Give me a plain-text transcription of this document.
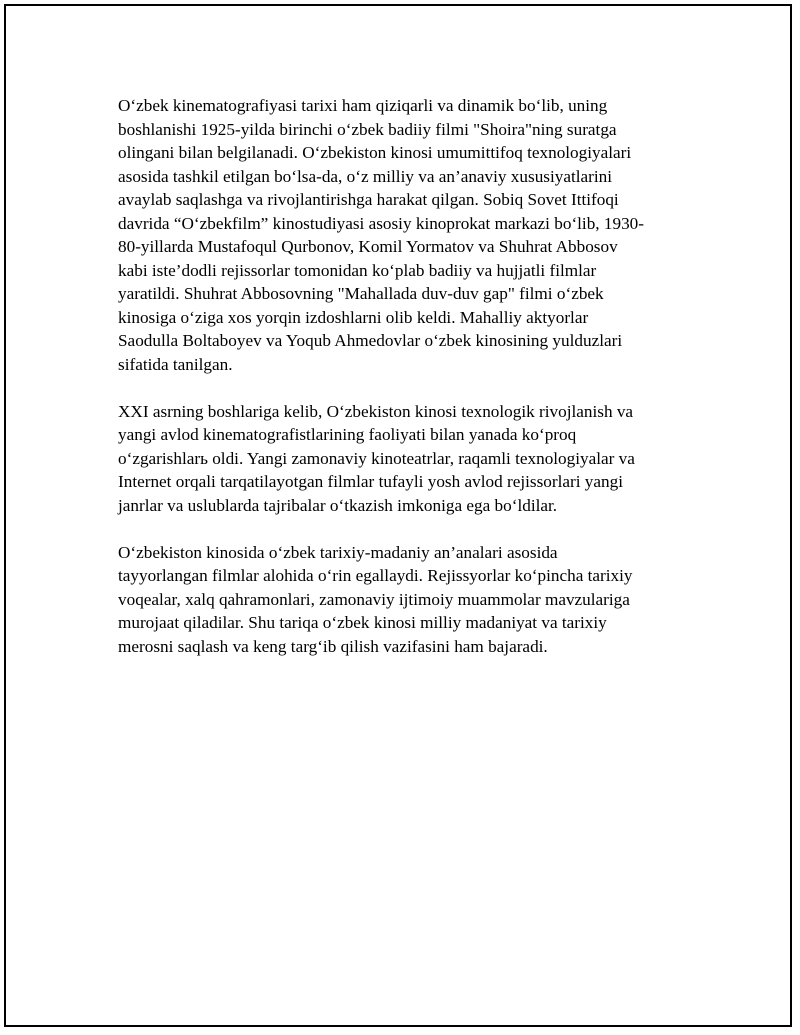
O‘zbek kinematografiyasi tarixi ham qiziqarli va dinamik bo‘lib, uning
boshlanishi 1925-yilda birinchi o‘zbek badiiy filmi "Shoira"ning suratga
olingani bilan belgilanadi. O‘zbekiston kinosi umumittifoq texnologiyalari
asosida tashkil etilgan bo‘lsa-da, o‘z milliy va an’anaviy xususiyatlarini
avaylab saqlashga va rivojlantirishga harakat qilgan. Sobiq Sovet Ittifoqi
davrida “O‘zbekfilm” kinostudiyasi asosiy kinoprokat markazi bo‘lib, 1930-
80-yillarda Mustafoqul Qurbonov, Komil Yormatov va Shuhrat Abbosov
kabi iste’dodli rejissorlar tomonidan ko‘plab badiiy va hujjatli filmlar
yaratildi. Shuhrat Abbosovning "Mahallada duv-duv gap" filmi o‘zbek
kinosiga o‘ziga xos yorqin izdoshlarni olib keldi. Mahalliy aktyorlar
Saodulla Boltaboyev va Yoqub Ahmedovlar o‘zbek kinosining yulduzlari
sifatida tanilgan.

XXI asrning boshlariga kelib, O‘zbekiston kinosi texnologik rivojlanish va
yangi avlod kinematografistlarining faoliyati bilan yanada ko‘proq
o‘zgarishlarь oldi. Yangi zamonaviy kinoteatrlar, raqamli texnologiyalar va
Internet orqali tarqatilayotgan filmlar tufayli yosh avlod rejissorlari yangi
janrlar va uslublarda tajribalar o‘tkazish imkoniga ega bo‘ldilar.

O‘zbekiston kinosida o‘zbek tarixiy-madaniy an’analari asosida
tayyorlangan filmlar alohida o‘rin egallaydi. Rejissyorlar ko‘pincha tarixiy
voqealar, xalq qahramonlari, zamonaviy ijtimoiy muammolar mavzulariga
murojaat qiladilar. Shu tariqa o‘zbek kinosi milliy madaniyat va tarixiy
merosni saqlash va keng targ‘ib qilish vazifasini ham bajaradi.
